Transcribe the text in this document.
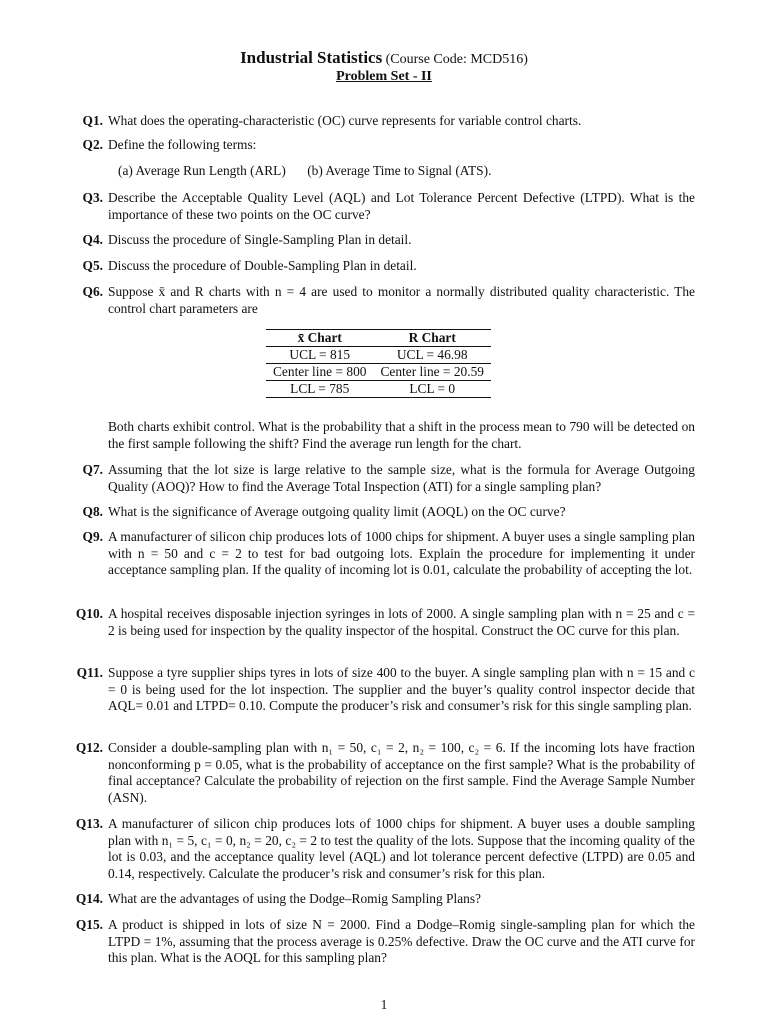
Industrial Statistics (Course Code: MCD516)
Problem Set - II
Q1. What does the operating-characteristic (OC) curve represents for variable control charts.
Q2. Define the following terms:
(a) Average Run Length (ARL) (b) Average Time to Signal (ATS).
Q3. Describe the Acceptable Quality Level (AQL) and Lot Tolerance Percent Defective (LTPD). What is the importance of these two points on the OC curve?
Q4. Discuss the procedure of Single-Sampling Plan in detail.
Q5. Discuss the procedure of Double-Sampling Plan in detail.
Q6. Suppose x̄ and R charts with n = 4 are used to monitor a normally distributed quality characteristic. The control chart parameters are
x̄ Chart	R Chart
UCL = 815	UCL = 46.98
Center line = 800	Center line = 20.59
LCL = 785	LCL = 0
Both charts exhibit control. What is the probability that a shift in the process mean to 790 will be detected on the first sample following the shift? Find the average run length for the chart.
Q7. Assuming that the lot size is large relative to the sample size, what is the formula for Average Outgoing Quality (AOQ)? How to find the Average Total Inspection (ATI) for a single sampling plan?
Q8. What is the significance of Average outgoing quality limit (AOQL) on the OC curve?
Q9. A manufacturer of silicon chip produces lots of 1000 chips for shipment. A buyer uses a single sampling plan with n = 50 and c = 2 to test for bad outgoing lots. Explain the procedure for implementing it under acceptance sampling plan. If the quality of incoming lot is 0.01, calculate the probability of accepting the lot.
Q10. A hospital receives disposable injection syringes in lots of 2000. A single sampling plan with n = 25 and c = 2 is being used for inspection by the quality inspector of the hospital. Construct the OC curve for this plan.
Q11. Suppose a tyre supplier ships tyres in lots of size 400 to the buyer. A single sampling plan with n = 15 and c = 0 is being used for the lot inspection. The supplier and the buyer’s quality control inspector decide that AQL= 0.01 and LTPD= 0.10. Compute the producer’s risk and consumer’s risk for this single sampling plan.
Q12. Consider a double-sampling plan with n₁ = 50, c₁ = 2, n₂ = 100, c₂ = 6. If the incoming lots have fraction nonconforming p = 0.05, what is the probability of acceptance on the first sample? What is the probability of final acceptance? Calculate the probability of rejection on the first sample. Find the Average Sample Number (ASN).
Q13. A manufacturer of silicon chip produces lots of 1000 chips for shipment. A buyer uses a double sampling plan with n₁ = 5, c₁ = 0, n₂ = 20, c₂ = 2 to test the quality of the lots. Suppose that the incoming quality of the lot is 0.03, and the acceptance quality level (AQL) and lot tolerance percent defective (LTPD) are 0.05 and 0.14, respectively. Calculate the producer’s risk and consumer’s risk for this plan.
Q14. What are the advantages of using the Dodge–Romig Sampling Plans?
Q15. A product is shipped in lots of size N = 2000. Find a Dodge–Romig single-sampling plan for which the LTPD = 1%, assuming that the process average is 0.25% defective. Draw the OC curve and the ATI curve for this plan. What is the AOQL for this sampling plan?
1
